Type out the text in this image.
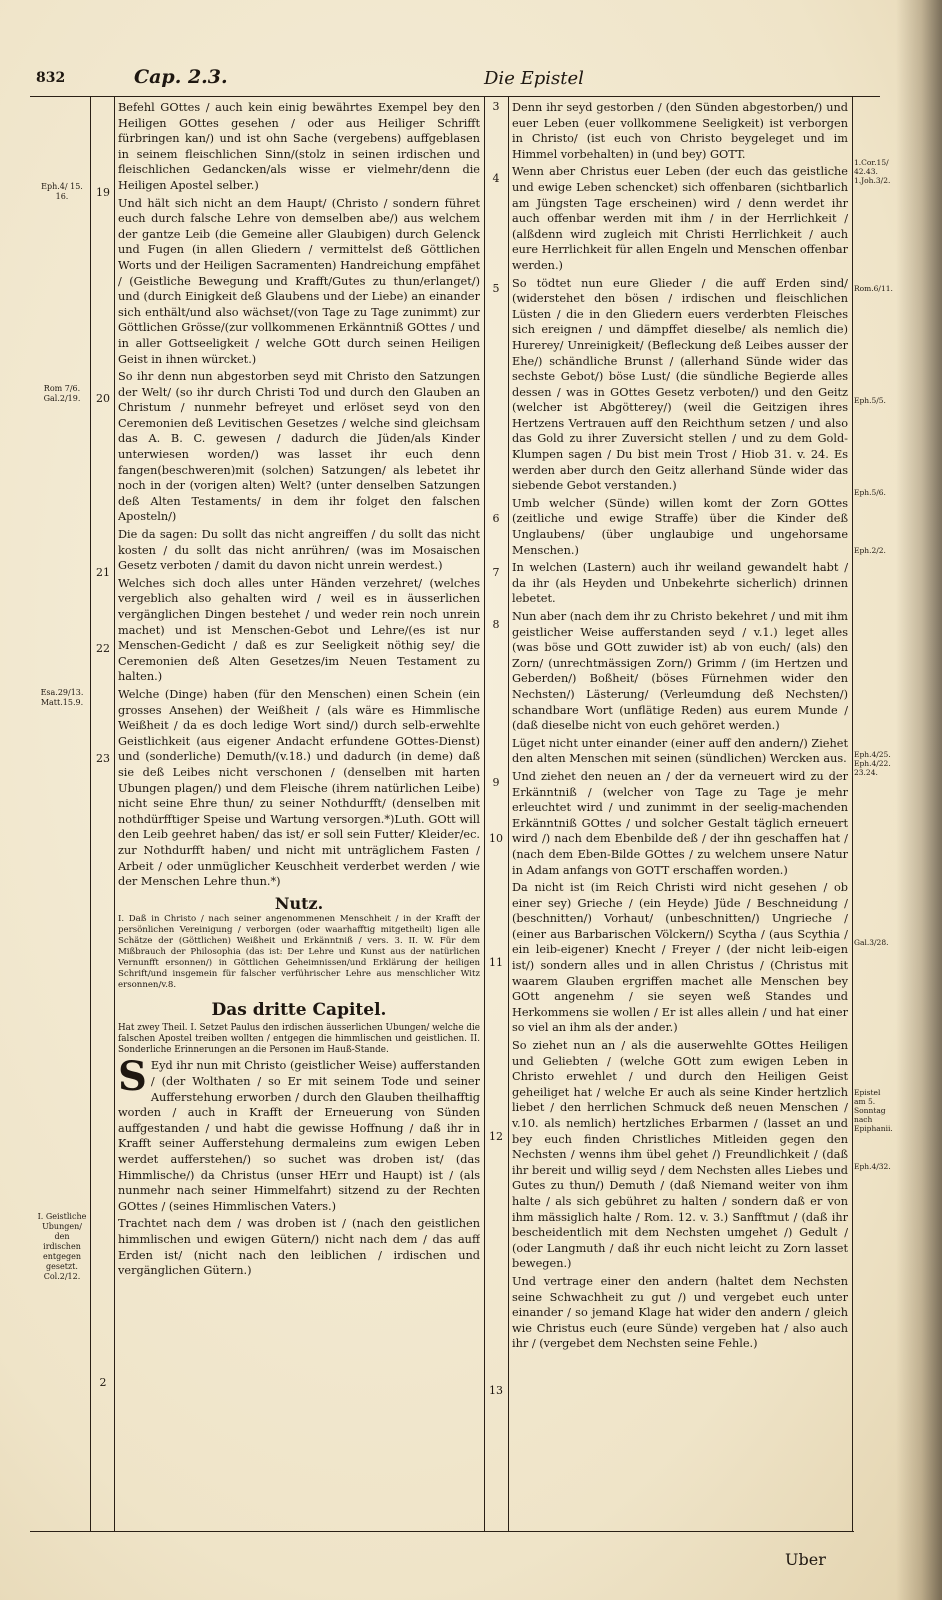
832	Cap. 2.3.	Die Epistel
Eph.4/ 15. 16.
Rom 7/6. Gal.2/19.
Esa.29/13. Matt.15.9.
I. Geistliche Ubungen/ den irdischen entgegen gesetzt. Col.2/12.
1.Cor.15/ 42.43. 1.Joh.3/2.
Rom.6/11.
Eph.5/5.
Eph.5/6.
Eph.2/2.
Eph.4/25. Eph.4/22. 23.24.
Gal.3/28.
Epistel am 5. Sonntag nach Epiphanii.
Eph.4/32.
19
20
21
22
23
2

Befehl GOttes / auch kein einig bewährtes Exempel bey den Heiligen GOttes gesehen / oder aus Heiliger Schrifft fürbringen kan/) und ist ohn Sache (vergebens) auffgeblasen in seinem fleischlichen Sinn/(stolz in seinen irdischen und fleischlichen Gedancken/als wisse er vielmehr/denn die Heiligen Apostel selber.)

Und hält sich nicht an dem Haupt/ (Christo / sondern führet euch durch falsche Lehre von demselben abe/) aus welchem der gantze Leib (die Gemeine aller Glaubigen) durch Gelenck und Fugen (in allen Gliedern / vermittelst deß Göttlichen Worts und der Heiligen Sacramenten) Handreichung empfähet / (Geistliche Bewegung und Krafft/Gutes zu thun/erlanget/) und (durch Einigkeit deß Glaubens und der Liebe) an einander sich enthält/und also wächset/(von Tage zu Tage zunimmt) zur Göttlichen Grösse/(zur vollkommenen Erkänntniß GOttes / und in aller Gottseeligkeit / welche GOtt durch seinen Heiligen Geist in ihnen würcket.)

So ihr denn nun abgestorben seyd mit Christo den Satzungen der Welt/ (so ihr durch Christi Tod und durch den Glauben an Christum / nunmehr befreyet und erlöset seyd von den Ceremonien deß Levitischen Gesetzes / welche sind gleichsam das A. B. C. gewesen / dadurch die Jüden/als Kinder unterwiesen worden/) was lasset ihr euch denn fangen(beschweren)mit (solchen) Satzungen/ als lebetet ihr noch in der (vorigen alten) Welt? (unter denselben Satzungen deß Alten Testaments/ in dem ihr folget den falschen Aposteln/)

Die da sagen: Du sollt das nicht angreiffen / du sollt das nicht kosten / du sollt das nicht anrühren/ (was im Mosaischen Gesetz verboten / damit du davon nicht unrein werdest.)

Welches sich doch alles unter Händen verzehret/ (welches vergeblich also gehalten wird / weil es in äusserlichen vergänglichen Dingen bestehet / und weder rein noch unrein machet) und ist Menschen-Gebot und Lehre/(es ist nur Menschen-Gedicht / daß es zur Seeligkeit nöthig sey/ die Ceremonien deß Alten Gesetzes/im Neuen Testament zu halten.)

Welche (Dinge) haben (für den Menschen) einen Schein (ein grosses Ansehen) der Weißheit / (als wäre es Himmlische Weißheit / da es doch ledige Wort sind/) durch selb-erwehlte Geistlichkeit (aus eigener Andacht erfundene GOttes-Dienst) und (sonderliche) Demuth/(v.18.) und dadurch (in deme) daß sie deß Leibes nicht verschonen / (denselben mit harten Ubungen plagen/) und dem Fleische (ihrem natürlichen Leibe) nicht seine Ehre thun/ zu seiner Nothdurfft/ (denselben mit nothdürfftiger Speise und Wartung versorgen.*)Luth. GOtt will den Leib geehret haben/ das ist/ er soll sein Futter/ Kleider/ec. zur Nothdurfft haben/ und nicht mit unträglichem Fasten / Arbeit / oder unmüglicher Keuschheit verderbet werden / wie der Menschen Lehre thun.*)

Nutz.

I. Daß in Christo / nach seiner angenommenen Menschheit / in der Krafft der persönlichen Vereinigung / verborgen (oder waarhafftig mitgetheilt) ligen alle Schätze der (Göttlichen) Weißheit und Erkänntniß / vers. 3. II. W. Für dem Mißbrauch der Philosophia (das ist: Der Lehre und Kunst aus der natürlichen Vernunfft ersonnen/) in Göttlichen Geheimnissen/und Erklärung der heiligen Schrift/und insgemein für falscher verführischer Lehre aus menschlicher Witz ersonnen/v.8.

Das dritte Capitel.

Hat zwey Theil. I. Setzet Paulus den irdischen äusserlichen Ubungen/ welche die falschen Apostel treiben wollten / entgegen die himmlischen und geistlichen. II. Sonderliche Erinnerungen an die Personen im Hauß-Stande.

S Eyd ihr nun mit Christo (geistlicher Weise) aufferstanden / (der Wolthaten / so Er mit seinem Tode und seiner Aufferstehung erworben / durch den Glauben theilhafftig worden / auch in Krafft der Erneuerung von Sünden auffgestanden / und habt die gewisse Hoffnung / daß ihr in Krafft seiner Aufferstehung dermaleins zum ewigen Leben werdet aufferstehen/) so suchet was droben ist/ (das Himmlische/) da Christus (unser HErr und Haupt) ist / (als nunmehr nach seiner Himmelfahrt) sitzend zu der Rechten GOttes / (seines Himmlischen Vaters.)

Trachtet nach dem / was droben ist / (nach den geistlichen himmlischen und ewigen Gütern/) nicht nach dem / das auff Erden ist/ (nicht nach den leiblichen / irdischen und vergänglichen Gütern.)

3
4
5
6
7
8
9
10
11
12
13

Denn ihr seyd gestorben / (den Sünden abgestorben/) und euer Leben (euer vollkommene Seeligkeit) ist verborgen in Christo/ (ist euch von Christo beygeleget und im Himmel vorbehalten) in (und bey) GOTT.

Wenn aber Christus euer Leben (der euch das geistliche und ewige Leben schencket) sich offenbaren (sichtbarlich am Jüngsten Tage erscheinen) wird / denn werdet ihr auch offenbar werden mit ihm / in der Herrlichkeit / (alßdenn wird zugleich mit Christi Herrlichkeit / auch eure Herrlichkeit für allen Engeln und Menschen offenbar werden.)

So tödtet nun eure Glieder / die auff Erden sind/ (widerstehet den bösen / irdischen und fleischlichen Lüsten / die in den Gliedern euers verderbten Fleisches sich ereignen / und dämpffet dieselbe/ als nemlich die) Hurerey/ Unreinigkeit/ (Befleckung deß Leibes ausser der Ehe/) schändliche Brunst / (allerhand Sünde wider das sechste Gebot/) böse Lust/ (die sündliche Begierde alles dessen / was in GOttes Gesetz verboten/) und den Geitz (welcher ist Abgötterey/) (weil die Geitzigen ihres Hertzens Vertrauen auff den Reichthum setzen / und also das Gold zu ihrer Zuversicht stellen / und zu dem Gold-Klumpen sagen / Du bist mein Trost / Hiob 31. v. 24. Es werden aber durch den Geitz allerhand Sünde wider das siebende Gebot verstanden.)

Umb welcher (Sünde) willen komt der Zorn GOttes (zeitliche und ewige Straffe) über die Kinder deß Unglaubens/ (über unglaubige und ungehorsame Menschen.)

In welchen (Lastern) auch ihr weiland gewandelt habt / da ihr (als Heyden und Unbekehrte sicherlich) drinnen lebetet.

Nun aber (nach dem ihr zu Christo bekehret / und mit ihm geistlicher Weise aufferstanden seyd / v.1.) leget alles (was böse und GOtt zuwider ist) ab von euch/ (als) den Zorn/ (unrechtmässigen Zorn/) Grimm / (im Hertzen und Geberden/) Boßheit/ (böses Fürnehmen wider den Nechsten/) Lästerung/ (Verleumdung deß Nechsten/) schandbare Wort (unflätige Reden) aus eurem Munde / (daß dieselbe nicht von euch gehöret werden.)

Lüget nicht unter einander (einer auff den andern/) Ziehet den alten Menschen mit seinen (sündlichen) Wercken aus.

Und ziehet den neuen an / der da verneuert wird zu der Erkänntniß / (welcher von Tage zu Tage je mehr erleuchtet wird / und zunimmt in der seelig-machenden Erkänntniß GOttes / und solcher Gestalt täglich erneuert wird /) nach dem Ebenbilde deß / der ihn geschaffen hat / (nach dem Eben-Bilde GOttes / zu welchem unsere Natur in Adam anfangs von GOTT erschaffen worden.)

Da nicht ist (im Reich Christi wird nicht gesehen / ob einer sey) Grieche / (ein Heyde) Jüde / Beschneidung / (beschnitten/) Vorhaut/ (unbeschnitten/) Ungrieche / (einer aus Barbarischen Völckern/) Scytha / (aus Scythia / ein leib-eigener) Knecht / Freyer / (der nicht leib-eigen ist/) sondern alles und in allen Christus / (Christus mit waarem Glauben ergriffen machet alle Menschen bey GOtt angenehm / sie seyen weß Standes und Herkommens sie wollen / Er ist alles allein / und hat einer so viel an ihm als der ander.)

So ziehet nun an / als die auserwehlte GOttes Heiligen und Geliebten / (welche GOtt zum ewigen Leben in Christo erwehlet / und durch den Heiligen Geist geheiliget hat / welche Er auch als seine Kinder hertzlich liebet / den herrlichen Schmuck deß neuen Menschen / v.10. als nemlich) hertzliches Erbarmen / (lasset an und bey euch finden Christliches Mitleiden gegen den Nechsten / wenns ihm übel gehet /) Freundlichkeit / (daß ihr bereit und willig seyd / dem Nechsten alles Liebes und Gutes zu thun/) Demuth / (daß Niemand weiter von ihm halte / als sich gebühret zu halten / sondern daß er von ihm mässiglich halte / Rom. 12. v. 3.) Sanfftmut / (daß ihr bescheidentlich mit dem Nechsten umgehet /) Gedult / (oder Langmuth / daß ihr euch nicht leicht zu Zorn lasset bewegen.)

Und vertrage einer den andern (haltet dem Nechsten seine Schwachheit zu gut /) und vergebet euch unter einander / so jemand Klage hat wider den andern / gleich wie Christus euch (eure Sünde) vergeben hat / also auch ihr / (vergebet dem Nechsten seine Fehle.)

Uber
